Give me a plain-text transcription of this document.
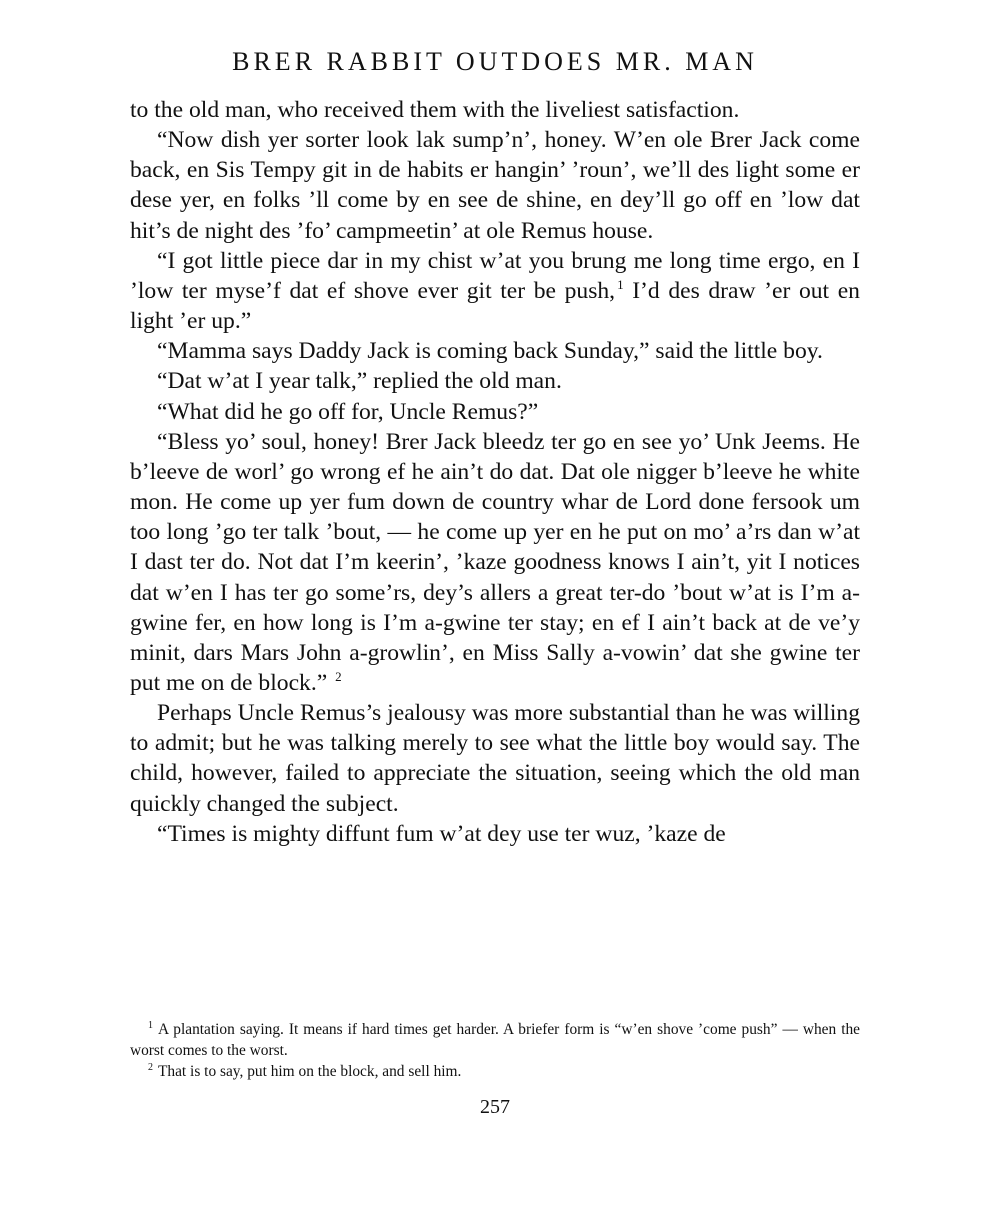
BRER RABBIT OUTDOES MR. MAN

to the old man, who received them with the liveliest satisfaction.

“Now dish yer sorter look lak sump’n’, honey. W’en ole Brer Jack come back, en Sis Tempy git in de habits er hangin’ ’roun’, we’ll des light some er dese yer, en folks ’ll come by en see de shine, en dey’ll go off en ’low dat hit’s de night des ’fo’ campmeetin’ at ole Remus house.

“I got little piece dar in my chist w’at you brung me long time ergo, en I ’low ter myse’f dat ef shove ever git ter be push, $^1$ I’d des draw ’er out en light ’er up.”

“Mamma says Daddy Jack is coming back Sunday,” said the little boy.

“Dat w’at I year talk,” replied the old man.

“What did he go off for, Uncle Remus?”

“Bless yo’ soul, honey! Brer Jack bleedz ter go en see yo’ Unk Jeems. He b’leeve de worl’ go wrong ef he ain’t do dat. Dat ole nigger b’leeve he white mon. He come up yer fum down de country whar de Lord done fersook um too long ’go ter talk ’bout, — he come up yer en he put on mo’ a’rs dan w’at I dast ter do. Not dat I’m keerin’, ’kaze goodness knows I ain’t, yit I notices dat w’en I has ter go some’rs, dey’s allers a great ter-do ’bout w’at is I’m a-gwine fer, en how long is I’m a-gwine ter stay; en ef I ain’t back at de ve’y minit, dars Mars John a-growlin’, en Miss Sally a-vowin’ dat she gwine ter put me on de block.” $^2$

Perhaps Uncle Remus’s jealousy was more substantial than he was willing to admit; but he was talking merely to see what the little boy would say. The child, however, failed to appreciate the situation, seeing which the old man quickly changed the subject.

“Times is mighty diffunt fum w’at dey use ter wuz, ’kaze de

$^1$ A plantation saying. It means if hard times get harder. A briefer form is “w’en shove ’come push” — when the worst comes to the worst.

$^2$ That is to say, put him on the block, and sell him.

257
